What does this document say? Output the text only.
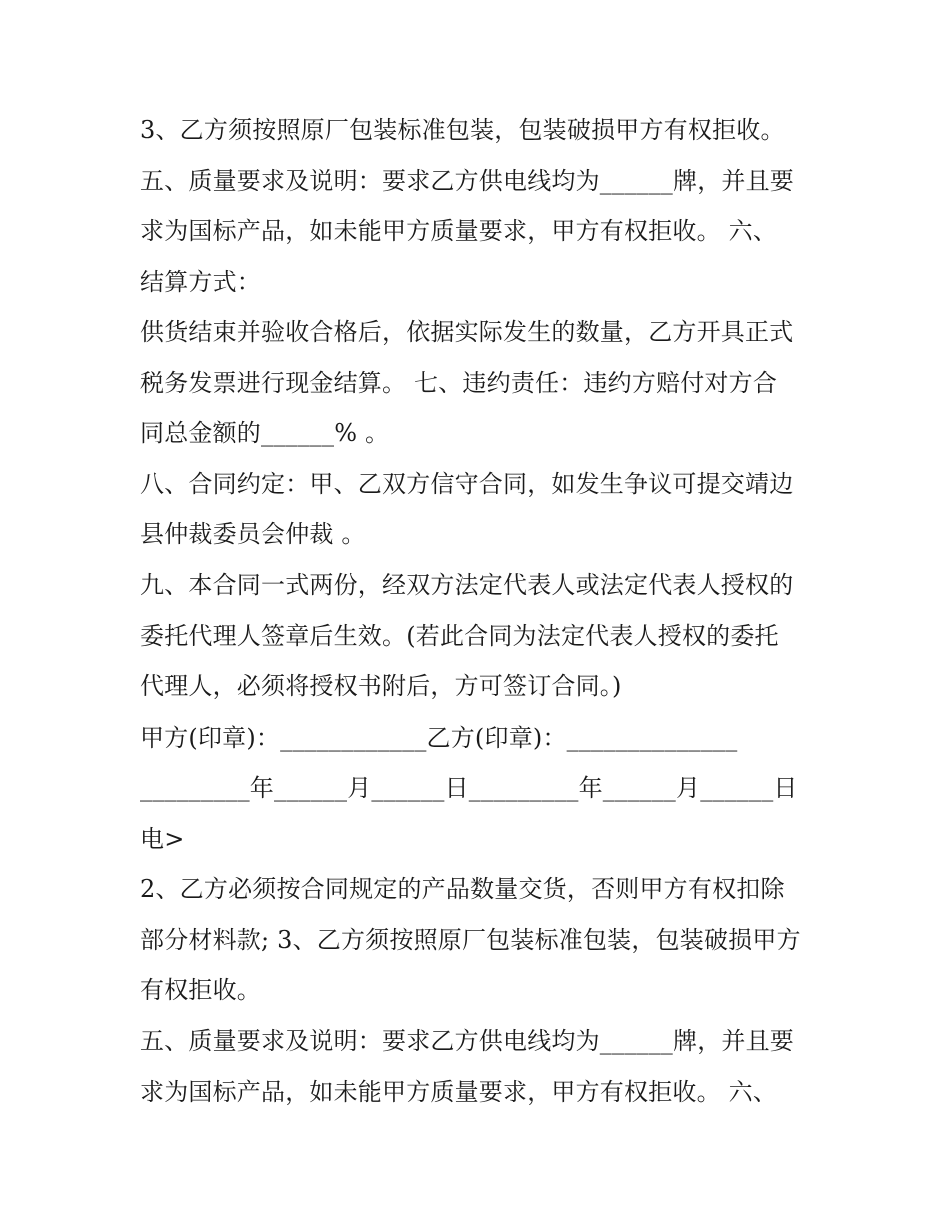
3、乙方须按照原厂包装标准包装，包装破损甲方有权拒收。
五、质量要求及说明：要求乙方供电线均为______牌，并且要
求为国标产品，如未能甲方质量要求，甲方有权拒收。 六、
结算方式：
供货结束并验收合格后，依据实际发生的数量，乙方开具正式
税务发票进行现金结算。 七、违约责任：违约方赔付对方合
同总金额的______% 。
八、合同约定：甲、乙双方信守合同，如发生争议可提交靖边
县仲裁委员会仲裁 。
九、本合同一式两份，经双方法定代表人或法定代表人授权的
委托代理人签章后生效。(若此合同为法定代表人授权的委托
代理人，必须将授权书附后，方可签订合同。)
甲方(印章)：____________乙方(印章)：______________
_________年______月______日_________年______月______日
电>
2、乙方必须按合同规定的产品数量交货，否则甲方有权扣除
部分材料款; 3、乙方须按照原厂包装标准包装，包装破损甲方
有权拒收。
五、质量要求及说明：要求乙方供电线均为______牌，并且要
求为国标产品，如未能甲方质量要求，甲方有权拒收。 六、
